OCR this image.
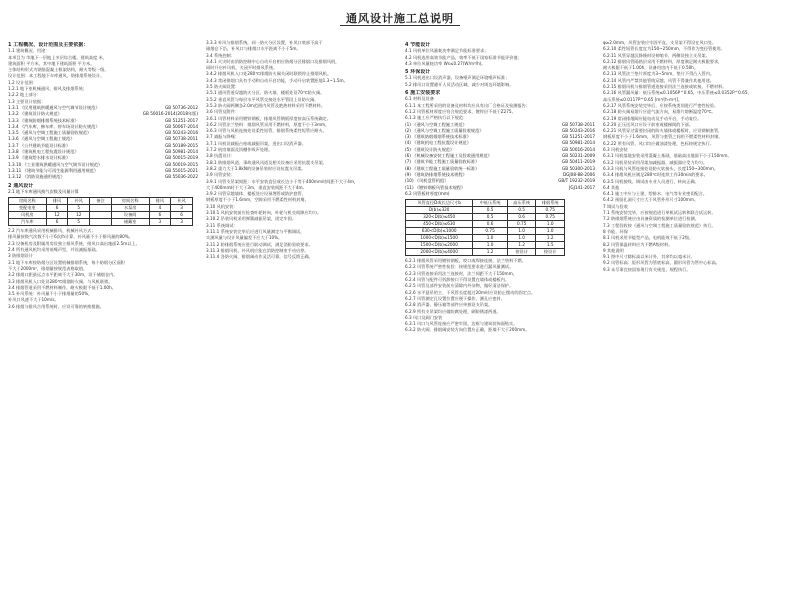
通风设计施工总说明

1 工程概况、设计范围及主要依据：

1.1 建筑概况、用途：

本项目为 市地下一层地上多层综合楼，建筑高度 米，

建筑面积 平方米，其中地下建筑面积 平方米。

主体结构形式为钢筋混凝土框架结构，耐火等级一级。

设计范围：本工程地下车库通风、防排烟系统设计。

1.2 设计范围：

1.2.1 地下室机械通风、排风及排烟系统；

1.2.2 地上部分：

1.3 主要设计依据：

1.3.1 《民用建筑供暖通风与空气调节设计规范》	GB 50736-2012

1.3.2 《建筑设计防火规范》	GB 50016-2014(2018年版)

1.3.3 《建筑防烟排烟系统技术标准》	GB 51251-2017

1.3.4 《汽车库、修车库、停车场设计防火规范》	GB 50067-2014

1.3.5 《通风与空调工程施工质量验收规范》	GB 50243-2016

1.3.6 《通风与空调工程施工规范》	GB 50738-2011

1.3.7 《公共建筑节能设计标准》	GB 50189-2015

1.3.8 《建筑机电工程抗震设计规范》	GB 50981-2014

1.3.9 《建筑给水排水设计标准》	GB 50015-2019

1.3.10 《工业建筑供暖通风与空气调节设计规范》	GB 50019-2015

1.3.11 《建筑节能与可再生能源利用通用规范》	GB 55015-2021

1.3.12 《消防设施通用规范》	GB 55036-2022

2 通风设计

2.1 地下车库通风换气次数及风量计算

房间名称	排风	补风	备注	房间名称	排风	补风
变配电室	6	5		水泵房	4	3
风机房	12	12		设备间	6	6
汽车库	6	5		储藏室	3	3

2.2 汽车库通风采用机械排风、机械补风方式；

排风量按换气次数不小于6次/h计算，补风量不小于排风量的80%。

2.3 设备机房及附属用房设独立排风系统，排风口高出地面2.5m以上。

2.4 所有通风机均采用低噪声型，并设减振基础。

3 防排烟设计

3.1 地下车库按防烟分区设置机械排烟系统，每个防烟分区面积

不大于2000m²，排烟量按规范表格取值。

3.2 排烟口距最远点水平距离不大于30m，设于储烟仓内。

3.3 排烟风机入口处设280℃排烟防火阀，与风机联锁。

3.4 排烟管道采用不燃材料制作，耐火极限不低于1.00h。

3.5 补风系统：补风量不小于排烟量的50%，

补风口风速不大于10m/s。

3.6 排烟与排风合用系统时，应设可靠的转换措施。

3.3.3 补风与排烟系统，同一防火分区设置，补风口底部不高于

储烟仓下沿，补风口与排烟口水平距离不小于5m。

3.4 系统控制：

3.4.1 火灾时由消防控制中心自动开启相应防烟分区排烟口及排烟风机，

同时开启补风机，关闭平时排风系统。

3.4.2 排烟风机入口处280℃排烟防火阀关闭时联锁停止排烟风机。

3.4.3 常闭排烟口具有手动和自动开启功能，手动开启装置距地1.3~1.5m。

3.5 防火阀设置：

3.5.1 通风管道穿越防火分区、防火墙、楼板处设70℃防火阀。

3.5.2 垂直风管与每层水平风管交接处水平管段上设防火阀。

3.5.3 防火阀两侧各2.0m范围内风管及绝热材料采用不燃材料。

3.6 风管及附件：

3.6.1 风管材料采用镀锌钢板，排烟风管钢板厚度按高压系统确定。

3.6.2 风管法兰垫料：排烟风管采用不燃材料，厚度不小于3mm。

3.6.3 风管与风机连接处设柔性短管，排烟系统柔性短管应耐火。

3.7 减振与降噪：

3.7.1 风机设减振台座或减振吊架，进出口设消声器。

3.7.2 机房墙面及顶棚作吸声处理。

3.8 抗震设计：

3.8.1 防排烟风道、事故通风风道及相关设备应采用抗震支吊架。

3.8.2 重力大于1.8kN的设备吊装时应设抗震支吊架。

3.9 风管安装：

3.9.1 风管支吊架间距：水平安装直径或长边小于等于400mm时间距不大于4m，

大于400mm时不大于3m，垂直安装间距不大于4m。

3.9.2 风管穿越墙体、楼板处应设预埋管或防护套管，

钢板厚度不小于1.6mm，空隙采用不燃柔性材料封堵。

3.10 风机安装：

3.10.1 风机安装前应检查叶轮转向，叶轮与机壳间隙应均匀。

3.10.2 吊装风机采用弹簧减振吊架，固定牢固。

3.11 系统调试：

3.11.1 系统安装完毕后应进行风量测定与平衡调试，

实测风量与设计风量偏差不应大于10%。

3.11.2 防排烟系统应进行联动调试，满足消防验收要求。

3.11.3 排烟风机、补风机应能在消防控制室手动启停。

3.11.4 各防火阀、排烟阀动作灵活可靠，信号反馈正确。

4 节能设计

4.1 风机单位风量耗功率满足节能标准要求；

4.2 风机选用高效节能产品，效率不低于国家标准节能评价值；

4.3 单位风量耗功率 Ws≤0.27(W/m³/h)。

5 环保设计

5.1 风机进出口设消声器，设备噪声满足环境噪声标准；

5.2 排风口设置避开人员活动区域，减少对周边环境影响。

6 施工安装要求

6.1 材料及设备

6.1.1 本工程所采用的设备及材料均应具有出厂合格证及检测报告；

6.1.2 风管板材厚度应符合规范要求，镀锌层不低于Z275。

6.1.3 施工应严格执行以下规范：

(1) 《通风与空调工程施工规范》	GB 50738-2011

(2) 《通风与空调工程施工质量验收规范》	GB 50243-2016

(3) 《建筑防烟排烟系统技术标准》	GB 51251-2017

(4) 《建筑机电工程抗震设计规范》	GB 50981-2014

(5) 《建筑设计防火规范》	GB 50016-2014

(6) 《机械设备安装工程施工及验收通用规范》	GB 50231-2009

(7) 《建筑节能工程施工质量验收标准》	GB 50411-2019

(8) 《建筑工程施工质量验收统一标准》	GB 50300-2013

(9) 《建筑防排烟系统技术规程》	DGJ08-88-2006

(10) 《风机盘管机组》	GB/T 19232-2019

(11) 《镀锌钢板风管技术规程》	JGJ141-2017

6.2 风管板材厚度(mm)

风管直径D或长边尺寸b	中低压系统	高压系统	排烟系统
D(b)≤320	0.5	0.5	0.75
320<D(b)≤450	0.5	0.6	0.75
450<D(b)≤630	0.6	0.75	1.0
630<D(b)≤1000	0.75	1.0	1.0
1000<D(b)≤1500	1.0	1.0	1.2
1500<D(b)≤2000	1.0	1.2	1.5
2000<D(b)≤4000	1.2	按设计	按设计

6.2.1 排烟风管采用镀锌钢板，咬口或焊接连接，法兰垫料不燃。

6.2.2 风管系统严密性检验：按规范要求进行漏风量测试。

6.2.3 风管连接采用法兰连接时，法兰间距不大于150mm。

6.2.4 风管与配件可拆卸接口不得设置在墙体或楼板内。

6.2.5 风管及部件安装前应清除内外杂物，做好清洁保护。

6.2.6 水平悬吊的主、干风管长度超过20m时应设防止摆动的固定点。

6.2.7 风管测定孔设置位置应便于操作，测孔应密封。

6.2.8 消声器、静压箱等部件应单独设支吊架。

6.2.9 所有支吊架均应做防腐处理，刷防锈漆两道。

6.3 风口及阀门安装

6.3.1 风口与风管连接应严密牢固，边框与建筑装饰面贴实。

6.3.2 防火阀、排烟阀安装方向位置应正确，距墙不大于200mm。

φ≥2.0mm，风管安装应牢固平直，支吊架不得设在风口处。

6.2.10 柔性短管长度宜为150~250mm，不得作为变径管使用。

6.2.11 风管穿越沉降缝时设伸缩节，两侧设独立支吊架。

6.2.12 排烟风管隔热层采用不燃材料，厚度满足耐火极限要求，

耐火极限不低于1.00h，设备用房内不低于0.50h。

6.2.13 风管法兰垫片厚度为3~5mm，垫片不得凸入管内。

6.2.14 风管内严禁其他管线穿越，风管不得兼作其他用途。

6.2.15 排烟风机与排烟管道连接采用法兰连接或软接，不燃材料。

6.2.16 风管漏风量：低压系统≤0.1056P^0.65，中压系统≤0.0352P^0.65，

高压系统≤0.0117P^0.65 [m³/(h·m²)]。

6.2.17 风管系统安装完毕后，应按系统类别进行严密性检验。

6.2.18 防火阀易熔片应迎气流方向，易熔片熔断温度70℃。

6.2.19 常闭排烟阀应能电动及手动开启，手动复位。

6.2.20 正压送风口应设于前室或楼梯间的下部。

6.2.21 风管穿过需要封闭的防火墙体或楼板时，应设钢制套管，

钢板厚度不小于1.6mm，风管与套管之间用不燃柔性材料封堵。

6.2.22 所有风管、风口均应做油漆处理，色标按规定执行。

6.3 风机安装

6.3.1 风机落地安装采用混凝土基础，基础高出地面不小于150mm。

6.3.2 风机吊装采用吊架加减振器，减振器应受力均匀。

6.3.3 风机与风管连接处设防火软接头，长度150~300mm。

6.3.4 排烟风机应满足280℃时连续工作30min的要求。

6.3.5 风机接线、调试由专业人员进行，转向正确。

6.4 其他

6.4.1 施工中应与土建、给排水、电气等专业密切配合。

6.4.2 预留孔洞尺寸应大于风管外形尺寸100mm。

7 调试与验收

7.1 系统安装完毕，应按规范进行单机试运转和联合试运转。

7.2 防排烟系统应由具备资质的检测单位进行检测。

7.3 工程验收按《通风与空调工程施工质量验收规范》执行。

8 节能、环保

8.1 风机采用节能型产品，电机能效不低于2级。

8.2 风管保温材料应为不燃A级材料。

9 其他说明

9.1 图中尺寸除标高以米计外，其余均以毫米计。

9.2 风管标高：矩形风管为管底标高，圆形风管为管中心标高。

9.3 未尽事宜按国家现行有关规范、规程执行。
